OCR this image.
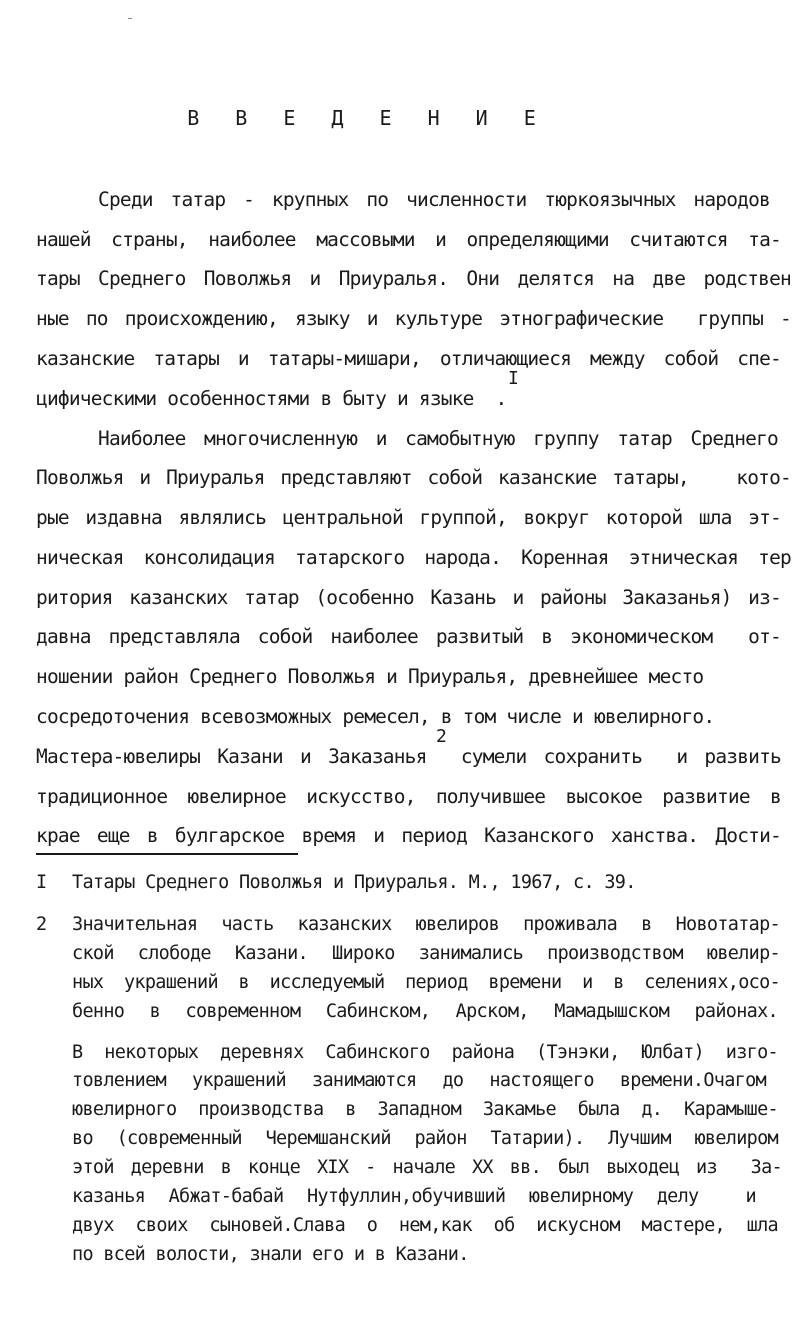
В В Е Д Е Н И Е
Среди татар - крупных по численности тюркоязычных народов
нашей страны, наиболее массовыми и определяющими считаются та-
тары Среднего Поволжья и Приуралья. Они делятся на две родствен
ные по происхождению, языку и культуре этнографические  группы -
казанские татары и татары-мишари, отличающиеся между собой спе-
цифическими особенностями в быту и языке  .
I
Наиболее многочисленную и самобытную группу татар Среднего
Поволжья и Приуралья представляют собой казанские татары,   кото-
рые издавна являлись центральной группой, вокруг которой шла эт-
ническая консолидация татарского народа. Коренная этническая тер
ритория казанских татар (особенно Казань и районы Заказанья) из-
давна представляла собой наиболее развитый в экономическом  от-
ношении район Среднего Поволжья и Приуралья, древнейшее место
сосредоточения всевозможных ремесел, в том числе и ювелирного.
Мастера-ювелиры Казани и Заказанья  сумели сохранить  и развить
2
традиционное ювелирное искусство, получившее высокое развитие в
крае еще в булгарское время и период Казанского ханства. Дости-
I Татары Среднего Поволжья и Приуралья. М., 1967, с. 39.
2 Значительная часть казанских ювелиров проживала в Новотатар-
ской слободе Казани. Широко занимались производством ювелир-
ных украшений в исследуемый период времени и в селениях,осо-
бенно в современном Сабинском, Арском, Мамадышском районах.
В некоторых деревнях Сабинского района (Тэнэки, Юлбат) изго-
товлением украшений занимаются до настоящего времени.Очагом
ювелирного производства в Западном Закамье была д. Карамыше-
во (современный Черемшанский район Татарии). Лучшим ювелиром
этой деревни в конце XIX - начале XX вв. был выходец из  За-
казанья Абжат-бабай Нутфуллин,обучивший ювелирному делу  и
двух своих сыновей.Слава о нем,как об искусном мастере, шла
по всей волости, знали его и в Казани.
